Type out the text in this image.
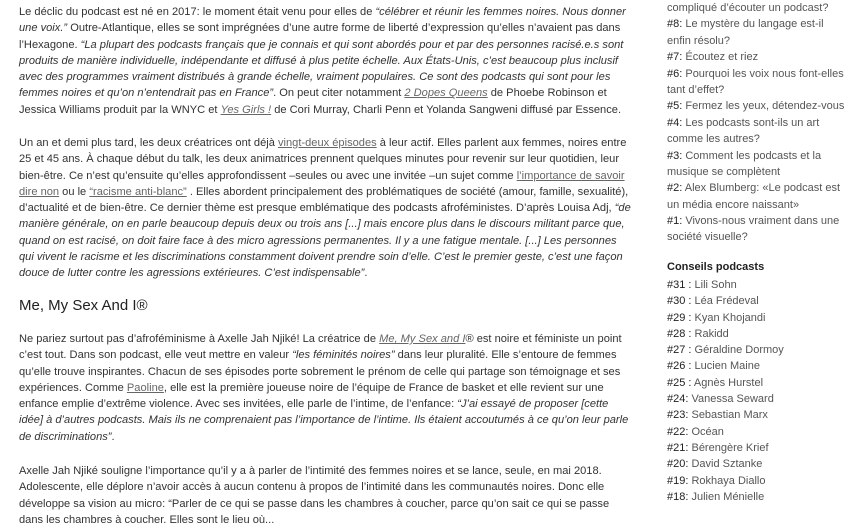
Le déclic du podcast est né en 2017: le moment était venu pour elles de “célébrer et réunir les femmes noires. Nous donner une voix.” Outre-Atlantique, elles se sont imprégnées d’une autre forme de liberté d’expression qu’elles n’avaient pas dans l’Hexagone. “La plupart des podcasts français que je connais et qui sont abordés pour et par des personnes racisé.e.s sont produits de manière individuelle, indépendante et diffusé à plus petite échelle. Aux États-Unis, c’est beaucoup plus inclusif avec des programmes vraiment distribués à grande échelle, vraiment populaires. Ce sont des podcasts qui sont pour les femmes noires et qu’on n’entendrait pas en France”. On peut citer notamment 2 Dopes Queens de Phoebe Robinson et Jessica Williams produit par la WNYC et Yes Girls ! de Cori Murray, Charli Penn et Yolanda Sangweni diffusé par Essence.

Un an et demi plus tard, les deux créatrices ont déjà vingt-deux épisodes à leur actif. Elles parlent aux femmes, noires entre 25 et 45 ans. À chaque début du talk, les deux animatrices prennent quelques minutes pour revenir sur leur quotidien, leur bien-être. Ce n’est qu’ensuite qu’elles approfondissent –seules ou avec une invitée –un sujet comme l’importance de savoir dire non ou le “racisme anti-blanc” . Elles abordent principalement des problématiques de société (amour, famille, sexualité), d’actualité et de bien-être. Ce dernier thème est presque emblématique des podcasts afroféministes. D’après Louisa Adj, “de manière générale, on en parle beaucoup depuis deux ou trois ans [...] mais encore plus dans le discours militant parce que, quand on est racisé, on doit faire face à des micro agressions permanentes. Il y a une fatigue mentale. [...] Les personnes qui vivent le racisme et les discriminations constamment doivent prendre soin d’elle. C’est le premier geste, c’est une façon douce de lutter contre les agressions extérieures. C’est indispensable”.

Me, My Sex And I®

Ne pariez surtout pas d’afroféminisme à Axelle Jah Njiké! La créatrice de Me, My Sex and I® est noire et féministe un point c’est tout. Dans son podcast, elle veut mettre en valeur “les féminités noires” dans leur pluralité. Elle s’entoure de femmes qu’elle trouve inspirantes. Chacun de ses épisodes porte sobrement le prénom de celle qui partage son témoignage et ses expériences. Comme Paoline, elle est la première joueuse noire de l’équipe de France de basket et elle revient sur une enfance emplie d’extrême violence. Avec ses invitées, elle parle de l’intime, de l’enfance: “J’ai essayé de proposer [cette idée] à d’autres podcasts. Mais ils ne comprenaient pas l’importance de l’intime. Ils étaient accoutumés à ce qu’on leur parle de discriminations”.

Axelle Jah Njiké souligne l’importance qu’il y a à parler de l’intimité des femmes noires et se lance, seule, en mai 2018. Adolescente, elle déplore n’avoir accès à aucun contenu à propos de l’intimité dans les communautés noires. Donc elle développe sa vision au micro: “Parler de ce qui se passe dans les chambres à coucher, parce qu’on sait ce qui se passe dans les chambres à coucher. Elles sont le lieu où...

compliqué d’écouter un podcast?
#8: Le mystère du langage est-il
enfin résolu?
#7: Écoutez et riez
#6: Pourquoi les voix nous font-elles
tant d’effet?
#5: Fermez les yeux, détendez-vous
#4: Les podcasts sont-ils un art
comme les autres?
#3: Comment les podcasts et la
musique se complètent
#2: Alex Blumberg: «Le podcast est
un média encore naissant»
#1: Vivons-nous vraiment dans une
société visuelle?
Conseils podcasts
#31 : Lili Sohn
#30 : Léa Frédeval
#29 : Kyan Khojandi
#28 : Rakidd
#27 : Géraldine Dormoy
#26 : Lucien Maine
#25 : Agnès Hurstel
#24: Vanessa Seward
#23: Sebastian Marx
#22: Océan
#21: Bérengère Krief
#20: David Sztanke
#19: Rokhaya Diallo
#18: Julien Ménielle
